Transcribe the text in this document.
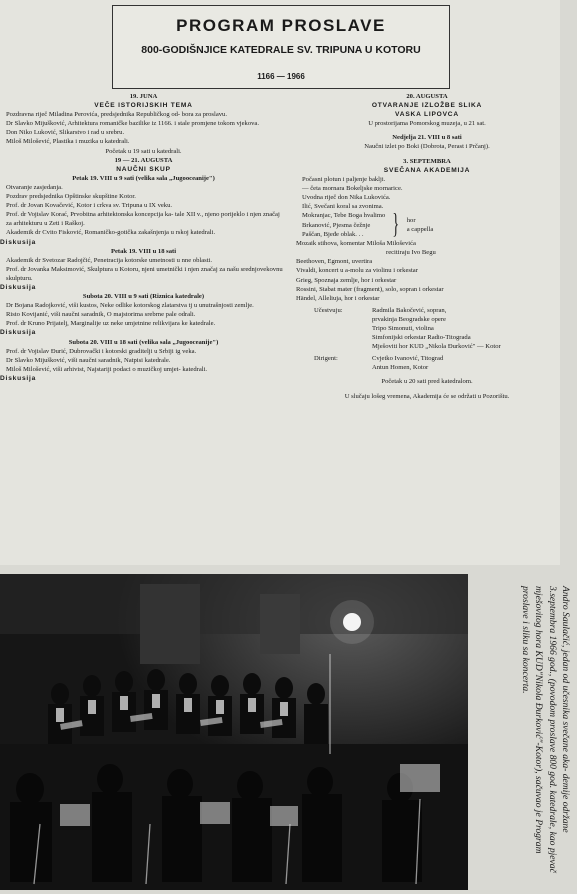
PROGRAM PROSLAVE
800-GODIŠNJICE KATEDRALE SV. TRIPUNA U KOTORU
1166 — 1966
19. JUNA
VEČE ISTORIJSKIH TEMA
Pozdravna riječ Miladina Perovića, predsjednika Republičkog od- bora za proslavu.
Dr Slavko Mijušković, Arhitektura romaničke bazilike iz 1166. i stale promjene tokom vjekova.
Don Niko Luković, Slikarstvo i rad u srebru.
Miloš Milošević, Plastika i muzika u katedrali.
Početak u 19 sati u katedrali.
19 — 21. AUGUSTA
NAUČNI SKUP
Petak 19. VIII u 9 sati (velika sala „Jugooceanije")
Otvaranje zasjedanja.
Pozdrav predsjednika Opštinske skupštine Kotor.
Prof. dr Jovan Kovačević, Kotor i crkva sv. Tripuna u IX veku.
Prof. dr Vojislav Korać, Prvobitna arhitektonska koncepcija ka- tale XII v., njeno porijeklo i njen značaj za arhitekturu u Zeti i Raškoj.
Akademik dr Cvito Fisković, Romaničko-gotička zakašnjenja u rskoj katedrali.
Diskusija
Petak 19. VIII u 18 sati
Akademik dr Svetozar Radojčić, Penetracija kotorske umetnosti u nne oblasti.
Prof. dr Jovanka Maksimović, Skulptura u Kotoru, njeni umetnički i njen značaj za našu srednjovekovnu skulpturu.
Diskusija
Subota 20. VIII u 9 sati (Riznica katedrale)
Dr Bojana Radojković, viši kustos, Neke odlike kotorskog zlatarstva tj u unutrašnjosti zemlje.
Risto Kovijanić, viši naučni saradnik, O majstorima srebrne pale odrali.
Prof. dr Kruno Prijatelj, Marginalije uz neke umjetnine relikvijara ke katedrale.
Diskusija
Subota 20. VIII u 18 sati (velika sala „Jugooceanije")
Prof. dr Vojislav Đurić, Dubrovački i kotorski graditelji u Srbiji ig veka.
Dr Slavko Mijušković, viši naučni saradnik, Natpisi katedrale.
Miloš Milošević, viši arhivist, Najstariji podaci o muzičkoj umjet- katedrali.
Diskusija
20. AUGUSTA
OTVARANJE IZLOŽBE SLIKA
VASKA LIPOVCA
U prostorijama Pomorskog muzeja, u 21 sat.
Nedjelja 21. VIII u 8 sati
Naučni izlet po Boki (Dobrota, Perast i Prčanj).
3. SEPTEMBRA
SVEČANA AKADEMIJA
Počasni plotun i paljenje baklji.
— četa mornara Bokeljske mornarice.
Uvodna riječ don Nika Lukovića.
Ilić, Svečani koral sa zvonima.
Mokranjac, Tebe Boga hvalimo
Brkanović, Pjesma čežnje
Paščan, Bjeđe oblak. . .	} hor
a cappella
Mozaik stihova, komentar Miloša Miloševića
recitiraju Ivo Begu
Beethoven, Egmont, uvertira
Vivaldi, koncert u a-molu za violinu i orkestar
Grieg, Spoznaja zemlje, hor i orkestar
Rossini, Stabat mater (fragment), solo, sopran i orkestar
Händel, Alleliuja, hor i orkestar
Učestvuju:	Radmila Bakočević, sopran,
prvakinja Beogradske opere
Tripo Simonuti, violina
Simfonijski orkestar Radio-Titograda
Mješoviti hor KUD „Nikola Đurković" — Kotor
Dirigent:	Cvjetko Ivanović, Titograd
Antun Homen, Kotor
Početak u 20 sati pred katedralom.
U slučaju lošeg vremena, Akademija će se održati u Pozorištu.
Andro Saulačić, jedan od učesnika svečane aka- demije održane 3.septembra 1966 god., (povodom proslave 800 god. katedrale, kao pjevač mješovitog hora KUD"Nikola Đurković"-Kotor), sačuvao je Program proslave i sliku sa koncerta.
